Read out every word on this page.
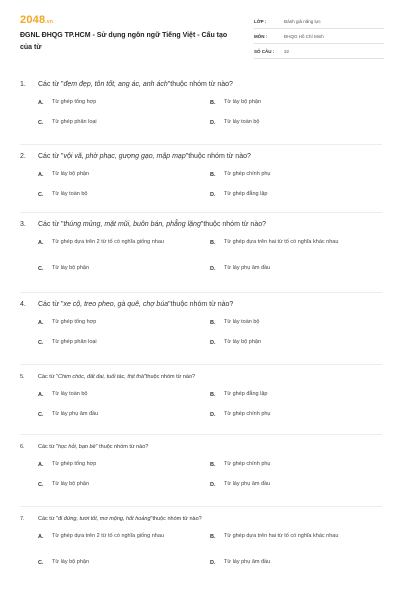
2048.vn
ĐGNL ĐHQG TP.HCM - Sử dụng ngôn ngữ Tiếng Việt - Cấu tạo của từ
LỚP :	Đánh giá năng lực
MÔN :	ĐHQG Hồ Chí Minh
SỐ CÂU :	32
1.	Các từ "đẹm đẹp, tôn tốt, ang ác, anh ách"thuộc nhóm từ nào?
A.	Từ ghép tổng hợp	B.	Từ láy bộ phận
C.	Từ ghép phân loại	D.	Từ láy toàn bộ
2.	Các từ "vội vã, phờ phạc, gượng gạo, mập mạp"thuộc nhóm từ nào?
A.	Từ láy bộ phận	B.	Từ ghép chính phụ
C.	Từ láy toàn bộ	D.	Từ ghép đẳng lập
3.	Các từ "thúng mủng, mặt mũi, buôn bán, phẳng lặng"thuộc nhóm từ nào?
A.	Từ ghép dựa trên 2 từ tố có nghĩa giống nhau	B.	Từ ghép dựa trên hai từ tố có nghĩa khác nhau
C.	Từ láy bộ phận	D.	Từ láy phụ âm đầu
4.	Các từ "xe cộ, treo pheo, gà quê, chợ búa"thuộc nhóm từ nào?
A.	Từ ghép tổng hợp	B.	Từ láy toàn bộ
C.	Từ ghép phân loại	D.	Từ láy bộ phận
5.	Các từ "Chim chóc, đất đai, tuổi tác, thịt thà"thuộc nhóm từ nào?
A.	Từ láy toàn bộ	B.	Từ ghép đẳng lập
C.	Từ láy phụ âm đầu	D.	Từ ghép chính phụ
6.	Các từ "học hỏi, bạn bè" thuộc nhóm từ nào?
A.	Từ ghép tổng hợp	B.	Từ ghép chính phụ
C.	Từ láy bộ phận	D.	Từ láy phụ âm đầu
7.	Các từ "đi đứng, tươi tốt, mơ mộng, hốt hoảng"thuộc nhóm từ nào?
A.	Từ ghép dựa trên 2 từ tố có nghĩa giống nhau	B.	Từ ghép dựa trên hai từ tố có nghĩa khác nhau
C.	Từ láy bộ phận	D.	Từ láy phụ âm đầu
